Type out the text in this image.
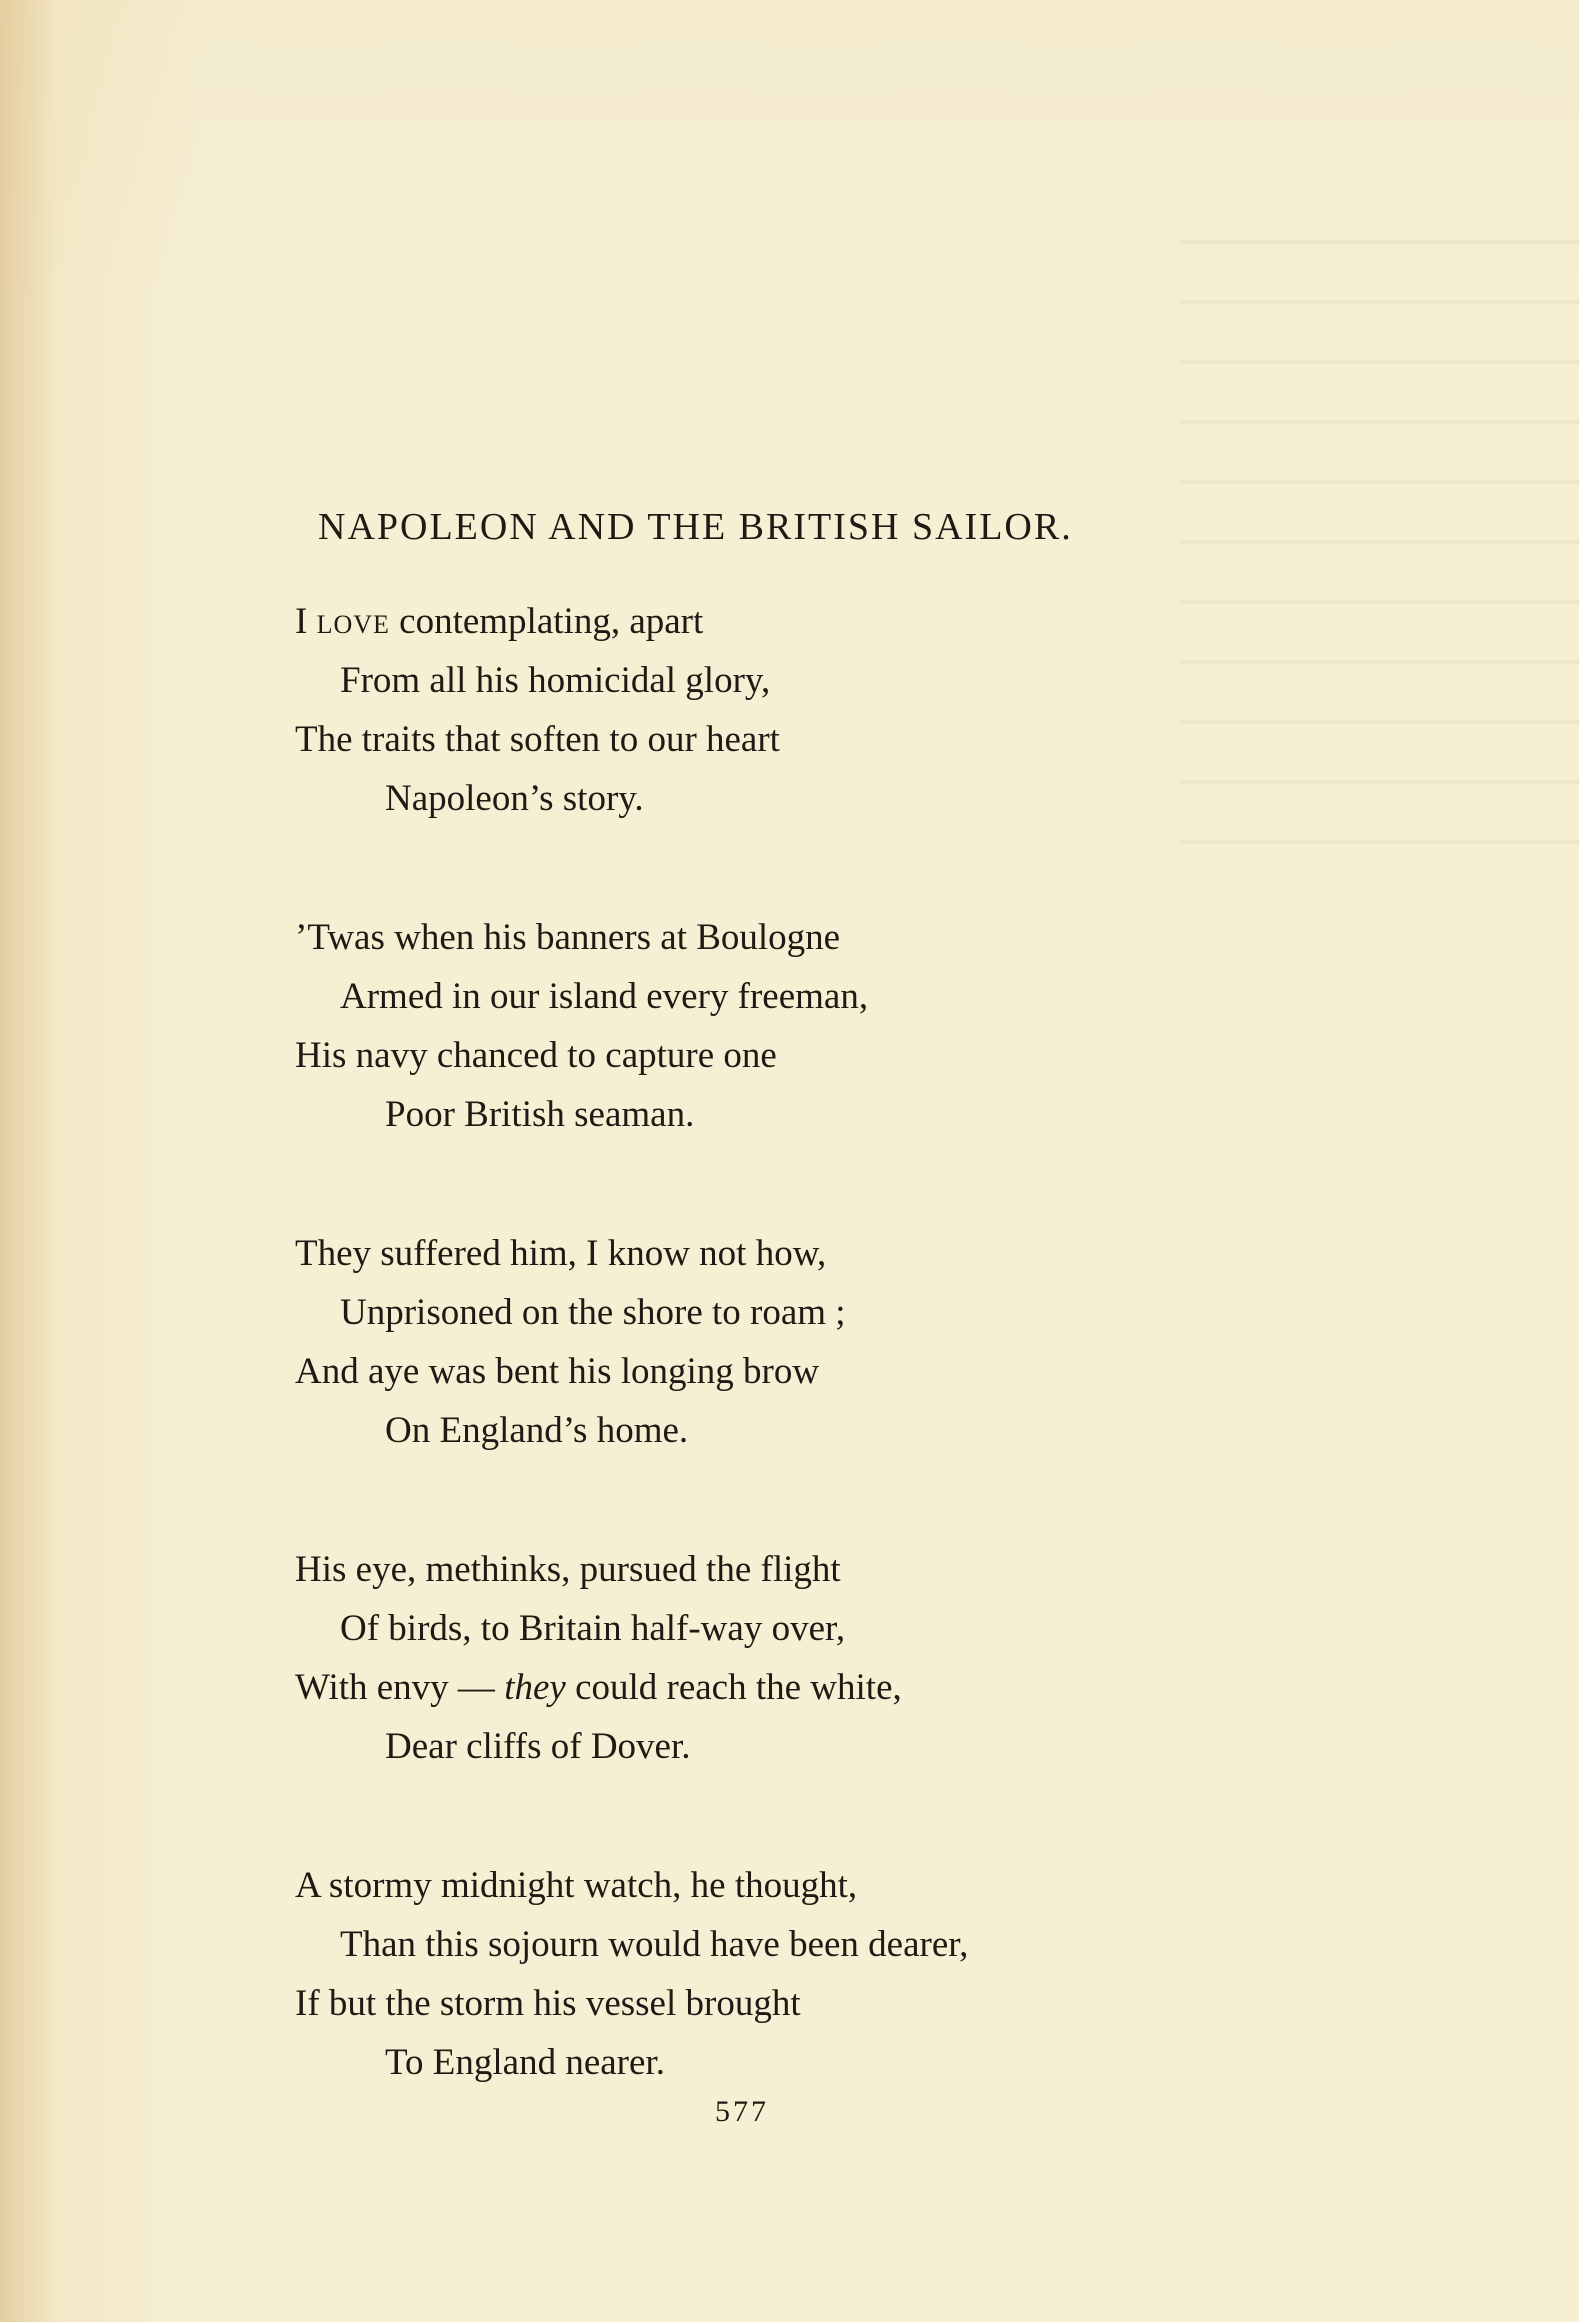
NAPOLEON AND THE BRITISH SAILOR.
I love contemplating, apart
From all his homicidal glory,
The traits that soften to our heart
Napoleon’s story.
’Twas when his banners at Boulogne
Armed in our island every freeman,
His navy chanced to capture one
Poor British seaman.
They suffered him, I know not how,
Unprisoned on the shore to roam ;
And aye was bent his longing brow
On England’s home.
His eye, methinks, pursued the flight
Of birds, to Britain half-way over,
With envy — they could reach the white,
Dear cliffs of Dover.
A stormy midnight watch, he thought,
Than this sojourn would have been dearer,
If but the storm his vessel brought
To England nearer.
577
